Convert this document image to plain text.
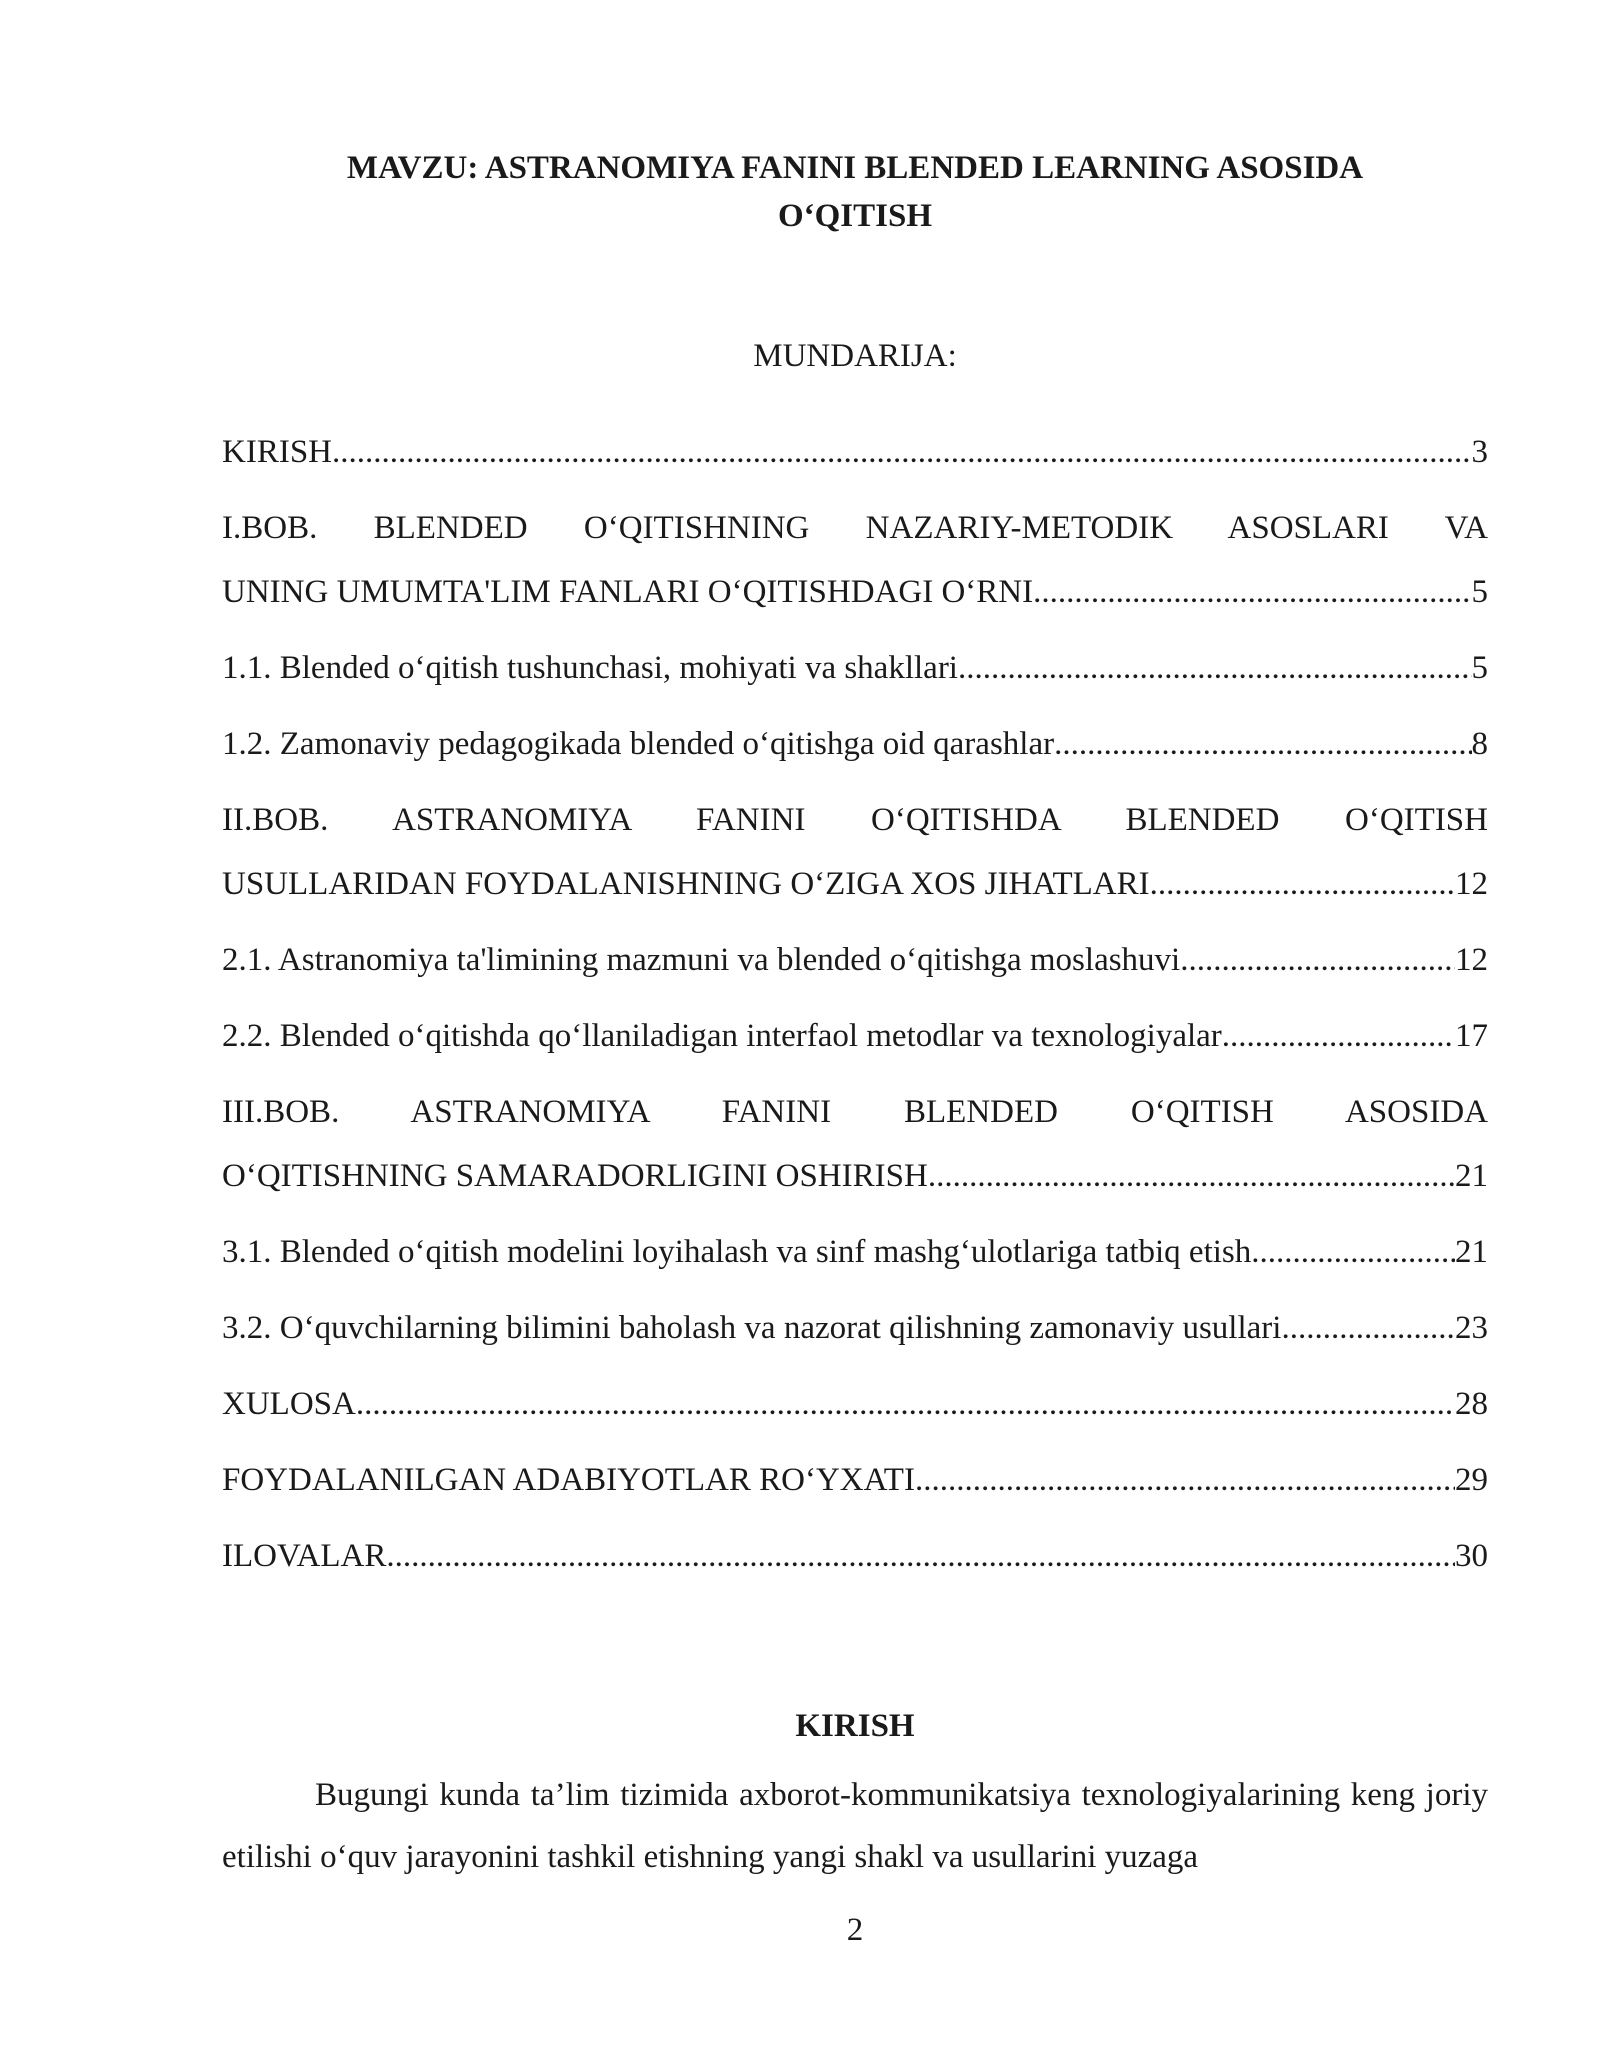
MAVZU: ASTRANOMIYA FANINI BLENDED LEARNING ASOSIDA
O‘QITISH

MUNDARIJA:

KIRISH .....	3
I.BOB. BLENDED O‘QITISHNING NAZARIY-METODIK ASOSLARI VA
UNING UMUMTA'LIM FANLARI O‘QITISHDAGI O‘RNI .....	5
1.1. Blended o‘qitish tushunchasi, mohiyati va shakllari .....	5
1.2. Zamonaviy pedagogikada blended o‘qitishga oid qarashlar .....	8
II.BOB. ASTRANOMIYA FANINI O‘QITISHDA BLENDED O‘QITISH
USULLARIDAN FOYDALANISHNING O‘ZIGA XOS JIHATLARI .....	12
2.1. Astranomiya ta'limining mazmuni va blended o‘qitishga moslashuvi .....	12
2.2. Blended o‘qitishda qo‘llaniladigan interfaol metodlar va texnologiyalar .....	17
III.BOB. ASTRANOMIYA FANINI BLENDED O‘QITISH ASOSIDA
O‘QITISHNING SAMARADORLIGINI OSHIRISH .....	21
3.1. Blended o‘qitish modelini loyihalash va sinf mashg‘ulotlariga tatbiq etish .....	21
3.2. O‘quvchilarning bilimini baholash va nazorat qilishning zamonaviy usullari .....	23
XULOSA .....	28
FOYDALANILGAN ADABIYOTLAR RO‘YXATI .....	29
ILOVALAR .....	30
KIRISH

Bugungi kunda ta’lim tizimida axborot-kommunikatsiya texnologiyalarining keng joriy etilishi o‘quv jarayonini tashkil etishning yangi shakl va usullarini yuzaga

2
